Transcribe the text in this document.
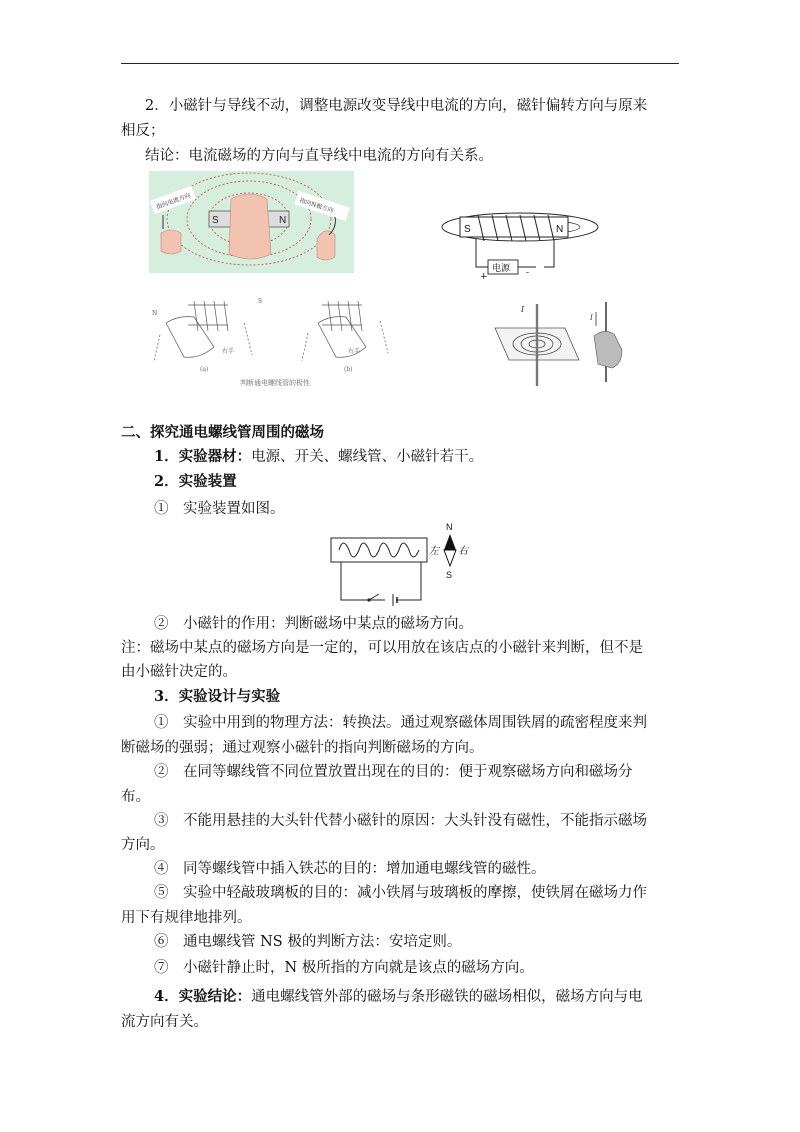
2．小磁针与导线不动，调整电源改变导线中电流的方向，磁针偏转方向与原来
相反；
结论：电流磁场的方向与直导线中电流的方向有关系。
S	N
指向电流方向	指向N极方向
S	N
电源
+	-
N
S
右手	右手
(a)	(b)
判断通电螺线管的极性
I
I
二、探究通电螺线管周围的磁场
1．实验器材：电源、开关、螺线管、小磁针若干。
2．实验装置
①　实验装置如图。
N
S
左 右
②　小磁针的作用：判断磁场中某点的磁场方向。
注：磁场中某点的磁场方向是一定的，可以用放在该店点的小磁针来判断，但不是
由小磁针决定的。
3．实验设计与实验
①　实验中用到的物理方法：转换法。通过观察磁体周围铁屑的疏密程度来判
断磁场的强弱；通过观察小磁针的指向判断磁场的方向。
②　在同等螺线管不同位置放置出现在的目的：便于观察磁场方向和磁场分
布。
③　不能用悬挂的大头针代替小磁针的原因：大头针没有磁性，不能指示磁场
方向。
④　同等螺线管中插入铁芯的目的：增加通电螺线管的磁性。
⑤　实验中轻敲玻璃板的目的：减小铁屑与玻璃板的摩擦，使铁屑在磁场力作
用下有规律地排列。
⑥　通电螺线管 NS 极的判断方法：安培定则。
⑦　小磁针静止时，N 极所指的方向就是该点的磁场方向。
4．实验结论：通电螺线管外部的磁场与条形磁铁的磁场相似，磁场方向与电
流方向有关。
